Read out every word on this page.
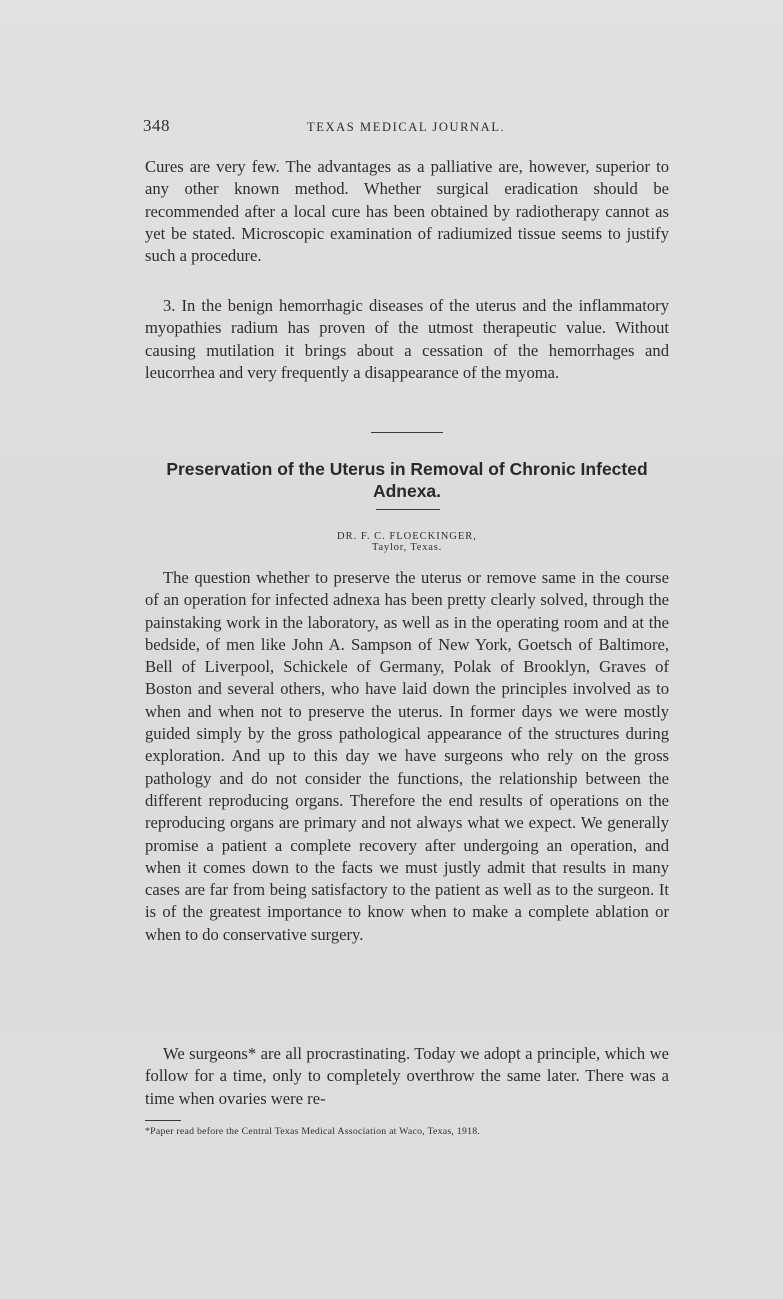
348	TEXAS MEDICAL JOURNAL.

Cures are very few. The advantages as a palliative are, however, superior to any other known method. Whether surgical eradication should be recommended after a local cure has been obtained by radiotherapy cannot as yet be stated. Microscopic examination of radiumized tissue seems to justify such a procedure.

3. In the benign hemorrhagic diseases of the uterus and the inflammatory myopathies radium has proven of the utmost therapeutic value. Without causing mutilation it brings about a cessation of the hemorrhages and leucorrhea and very frequently a disappearance of the myoma.

Preservation of the Uterus in Removal of Chronic Infected Adnexa.
DR. F. C. FLOECKINGER,
Taylor, Texas.

The question whether to preserve the uterus or remove same in the course of an operation for infected adnexa has been pretty clearly solved, through the painstaking work in the laboratory, as well as in the operating room and at the bedside, of men like John A. Sampson of New York, Goetsch of Baltimore, Bell of Liverpool, Schickele of Germany, Polak of Brooklyn, Graves of Boston and several others, who have laid down the principles involved as to when and when not to preserve the uterus. In former days we were mostly guided simply by the gross pathological appearance of the structures during exploration. And up to this day we have surgeons who rely on the gross pathology and do not consider the functions, the relationship between the different reproducing organs. Therefore the end results of operations on the reproducing organs are primary and not always what we expect. We generally promise a patient a complete recovery after undergoing an operation, and when it comes down to the facts we must justly admit that results in many cases are far from being satisfactory to the patient as well as to the surgeon. It is of the greatest importance to know when to make a complete ablation or when to do conservative surgery.

We surgeons* are all procrastinating. Today we adopt a principle, which we follow for a time, only to completely overthrow the same later. There was a time when ovaries were re-

*Paper read before the Central Texas Medical Association at Waco, Texas, 1918.
